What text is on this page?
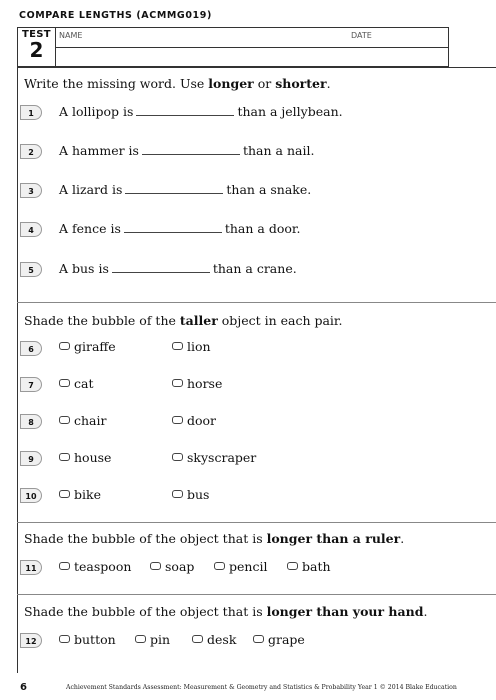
COMPARE LENGTHS (ACMMG019)
TEST
2
NAME	DATE
Write the missing word. Use longer or shorter.
1	A lollipop is	than a jellybean.
2	A hammer is	than a nail.
3	A lizard is	than a snake.
4	A fence is	than a door.
5	A bus is	than a crane.
Shade the bubble of the taller object in each pair.
6	giraffe	lion
7	cat	horse
8	chair	door
9	house	skyscraper
10	bike	bus
Shade the bubble of the object that is longer than a ruler.
11	teaspoon	soap	pencil	bath
Shade the bubble of the object that is longer than your hand.
12	button	pin	desk	grape
6	Achievement Standards Assessment: Measurement & Geometry and Statistics & Probability Year 1 © 2014 Blake Education
